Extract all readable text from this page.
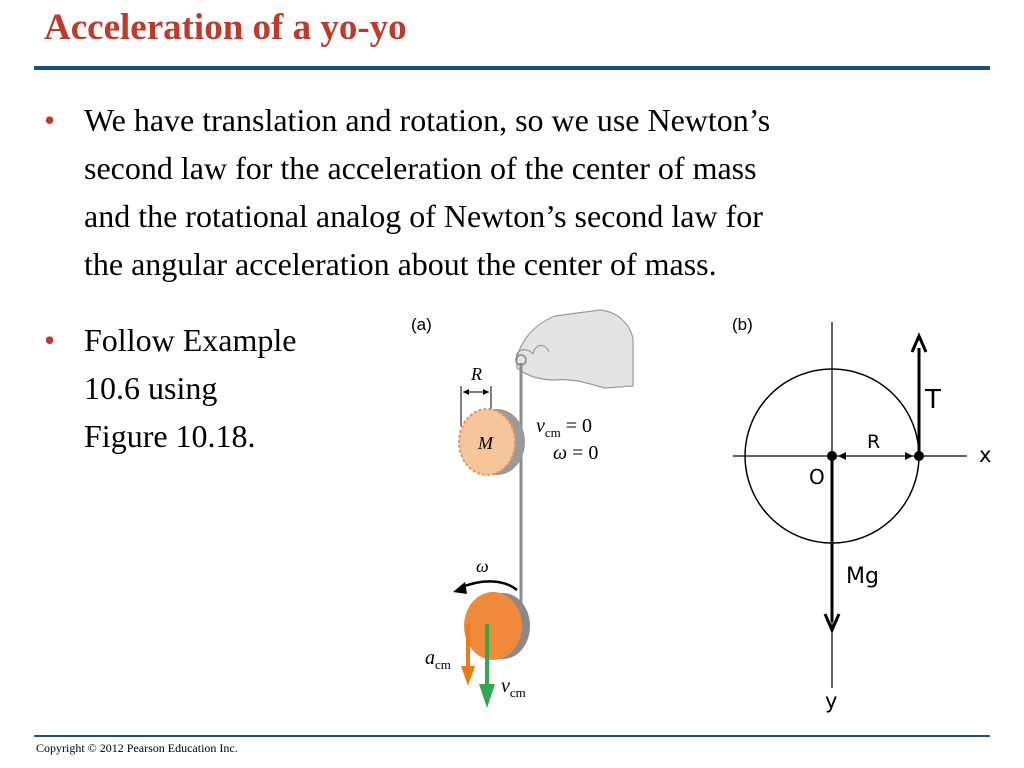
Acceleration of a yo-yo
• We have translation and rotation, so we use Newton’s
second law for the acceleration of the center of mass
and the rotational analog of Newton’s second law for
the angular acceleration about the center of mass.
• Follow Example
10.6 using
Figure 10.18.
(a)
R
M
$v_{cm} = 0$
ω = 0
ω
$a_{cm}$
$v_{cm}$
(b)
O
R
T
Mg
x
y
Copyright © 2012 Pearson Education Inc.
